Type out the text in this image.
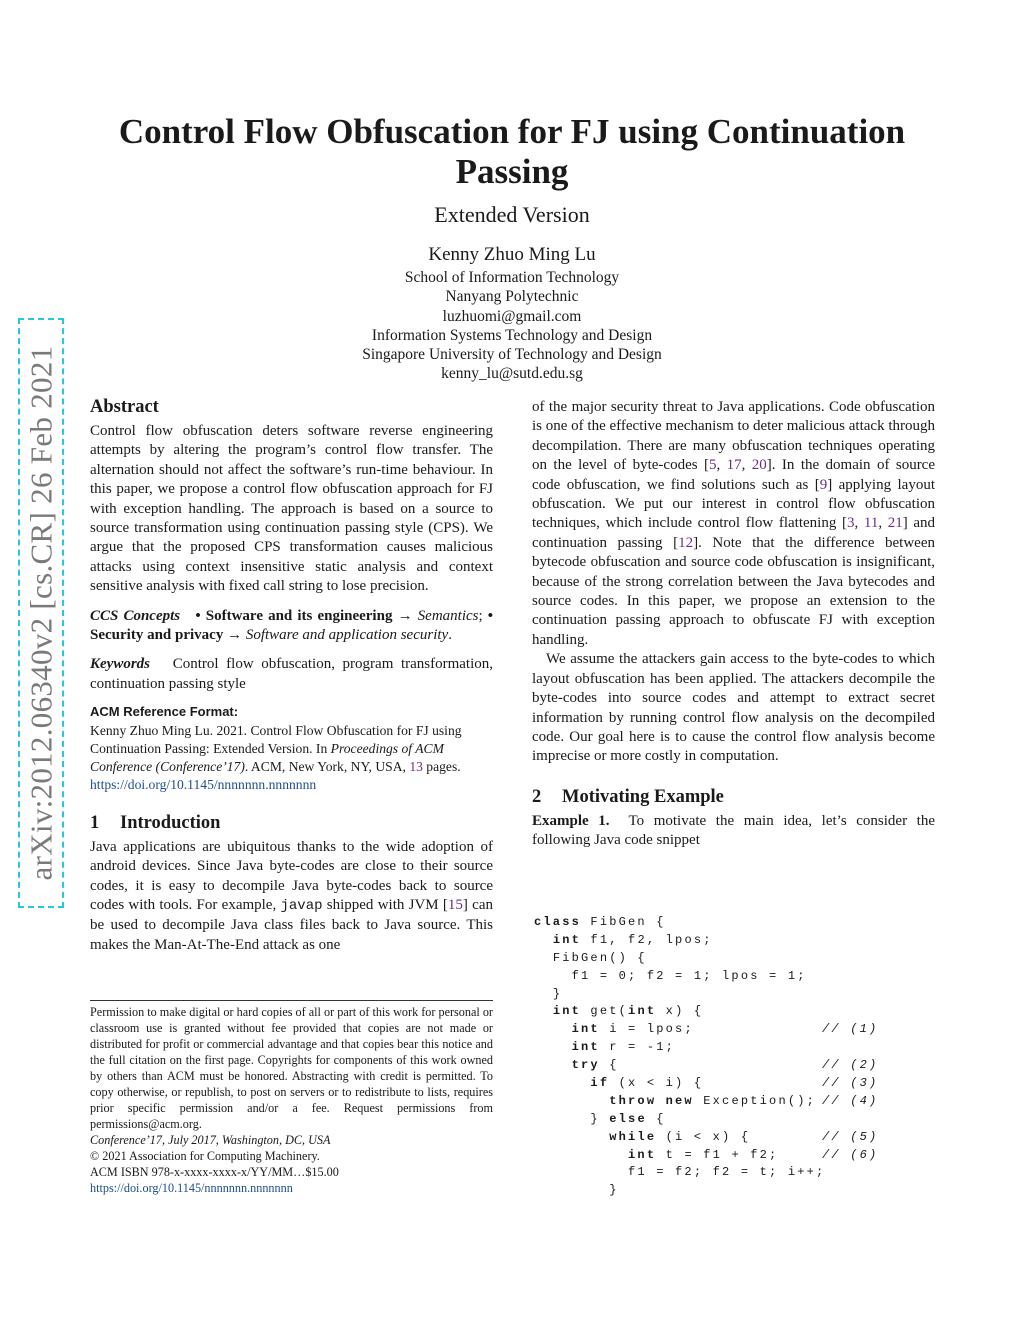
arXiv:2012.06340v2 [cs.CR] 26 Feb 2021
Control Flow Obfuscation for FJ using Continuation Passing
Extended Version
Kenny Zhuo Ming Lu
School of Information Technology
Nanyang Polytechnic
luzhuomi@gmail.com
Information Systems Technology and Design
Singapore University of Technology and Design
kenny_lu@sutd.edu.sg
Abstract

Control flow obfuscation deters software reverse engineering attempts by altering the program’s control flow transfer. The alternation should not affect the software’s run-time behaviour. In this paper, we propose a control flow obfuscation approach for FJ with exception handling. The approach is based on a source to source transformation using continuation passing style (CPS). We argue that the proposed CPS transformation causes malicious attacks using context insensitive static analysis and context sensitive analysis with fixed call string to lose precision.

CCS Concepts • Software and its engineering → Semantics; • Security and privacy → Software and application security.

Keywords Control flow obfuscation, program transformation, continuation passing style

ACM Reference Format:

Kenny Zhuo Ming Lu. 2021. Control Flow Obfuscation for FJ using Continuation Passing: Extended Version. In Proceedings of ACM Conference (Conference’17). ACM, New York, NY, USA, 13 pages.
https://doi.org/10.1145/nnnnnnn.nnnnnnn

1 Introduction

Java applications are ubiquitous thanks to the wide adoption of android devices. Since Java byte-codes are close to their source codes, it is easy to decompile Java byte-codes back to source codes with tools. For example, javap shipped with JVM [15] can be used to decompile Java class files back to Java source. This makes the Man-At-The-End attack as one

Permission to make digital or hard copies of all or part of this work for personal or classroom use is granted without fee provided that copies are not made or distributed for profit or commercial advantage and that copies bear this notice and the full citation on the first page. Copyrights for components of this work owned by others than ACM must be honored. Abstracting with credit is permitted. To copy otherwise, or republish, to post on servers or to redistribute to lists, requires prior specific permission and/or a fee. Request permissions from permissions@acm.org.

Conference’17, July 2017, Washington, DC, USA
© 2021 Association for Computing Machinery.
ACM ISBN 978-x-xxxx-xxxx-x/YY/MM…$15.00
https://doi.org/10.1145/nnnnnnn.nnnnnnn

of the major security threat to Java applications. Code obfuscation is one of the effective mechanism to deter malicious attack through decompilation. There are many obfuscation techniques operating on the level of byte-codes [5, 17, 20]. In the domain of source code obfuscation, we find solutions such as [9] applying layout obfuscation. We put our interest in control flow obfuscation techniques, which include control flow flattening [3, 11, 21] and continuation passing [12]. Note that the difference between bytecode obfuscation and source code obfuscation is insignificant, because of the strong correlation between the Java bytecodes and source codes. In this paper, we propose an extension to the continuation passing approach to obfuscate FJ with exception handling.

We assume the attackers gain access to the byte-codes to which layout obfuscation has been applied. The attackers decompile the byte-codes into source codes and attempt to extract secret information by running control flow analysis on the decompiled code. Our goal here is to cause the control flow analysis become imprecise or more costly in computation.

2 Motivating Example

Example 1. To motivate the main idea, let’s consider the following Java code snippet

class FibGen {
int f1, f2, lpos;
FibGen() {
f1 = 0; f2 = 1; lpos = 1;
}
int get(int x) {
int i = lpos;	// (1)
int r = -1;
try {	// (2)
if (x < i) {	// (3)
throw new Exception(); // (4)
} else {
while (i < x) {	// (5)
int t = f1 + f2;	// (6)
f1 = f2; f2 = t; i++;
}
